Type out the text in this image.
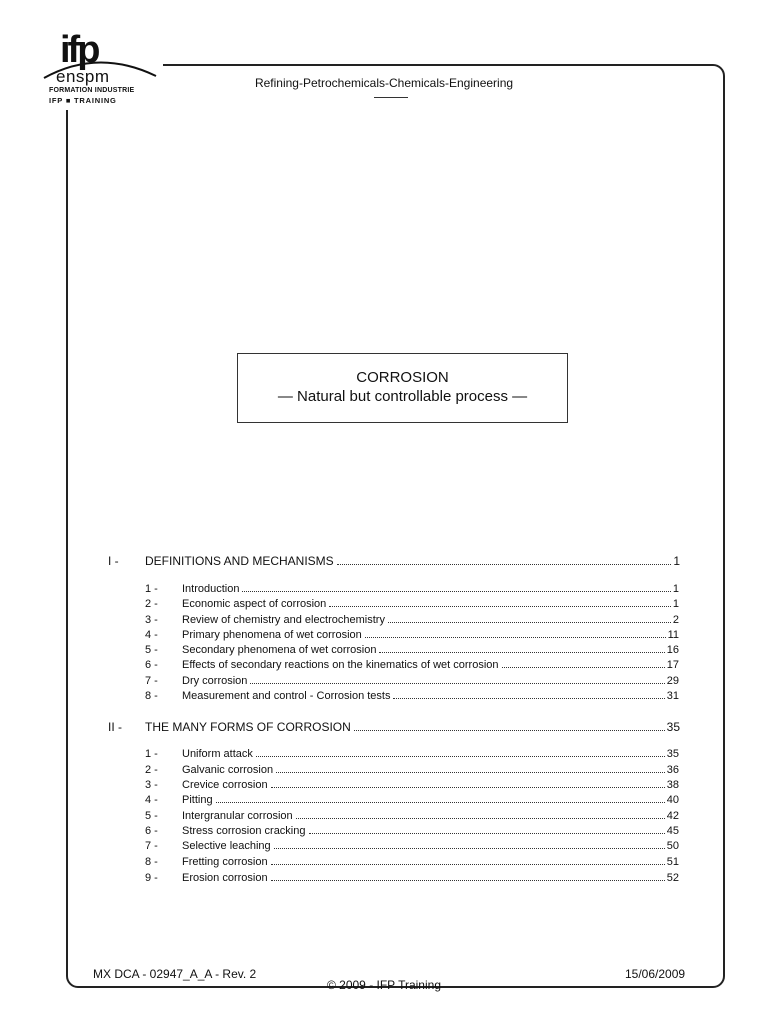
ifp
enspm
FORMATION INDUSTRIE
IFP ■ TRAINING
Refining-Petrochemicals-Chemicals-Engineering
CORROSION
— Natural but controllable process —
I -	DEFINITIONS AND MECHANISMS	1
1 -	Introduction	1
2 -	Economic aspect of corrosion	1
3 -	Review of chemistry and electrochemistry	2
4 -	Primary phenomena of wet corrosion	11
5 -	Secondary phenomena of wet corrosion	16
6 -	Effects of secondary reactions on the kinematics of wet corrosion	17
7 -	Dry corrosion	29
8 -	Measurement and control - Corrosion tests	31
II -	THE MANY FORMS OF CORROSION	35
1 -	Uniform attack	35
2 -	Galvanic corrosion	36
3 -	Crevice corrosion	38
4 -	Pitting	40
5 -	Intergranular corrosion	42
6 -	Stress corrosion cracking	45
7 -	Selective leaching	50
8 -	Fretting corrosion	51
9 -	Erosion corrosion	52
MX DCA - 02947_A_A - Rev. 2
© 2009 - IFP Training
15/06/2009
